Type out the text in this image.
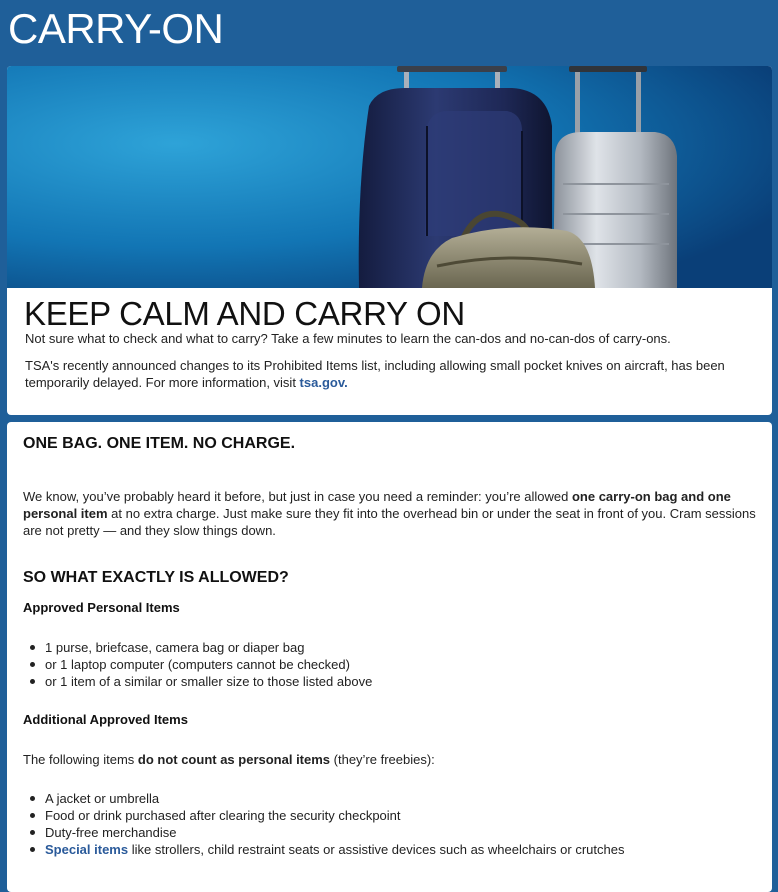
CARRY-ON
KEEP CALM AND CARRY ON

Not sure what to check and what to carry? Take a few minutes to learn the can-dos and no-can-dos of carry-ons.

TSA's recently announced changes to its Prohibited Items list, including allowing small pocket knives on aircraft, has been temporarily delayed. For more information, visit tsa.gov.

ONE BAG. ONE ITEM. NO CHARGE.

We know, you’ve probably heard it before, but just in case you need a reminder: you’re allowed one carry-on bag and one personal item at no extra charge. Just make sure they fit into the overhead bin or under the seat in front of you. Cram sessions are not pretty — and they slow things down.

SO WHAT EXACTLY IS ALLOWED?
Approved Personal Items
1 purse, briefcase, camera bag or diaper bag
or 1 laptop computer (computers cannot be checked)
or 1 item of a similar or smaller size to those listed above
Additional Approved Items

The following items do not count as personal items (they’re freebies):

A jacket or umbrella
Food or drink purchased after clearing the security checkpoint
Duty-free merchandise
Special items like strollers, child restraint seats or assistive devices such as wheelchairs or crutches
